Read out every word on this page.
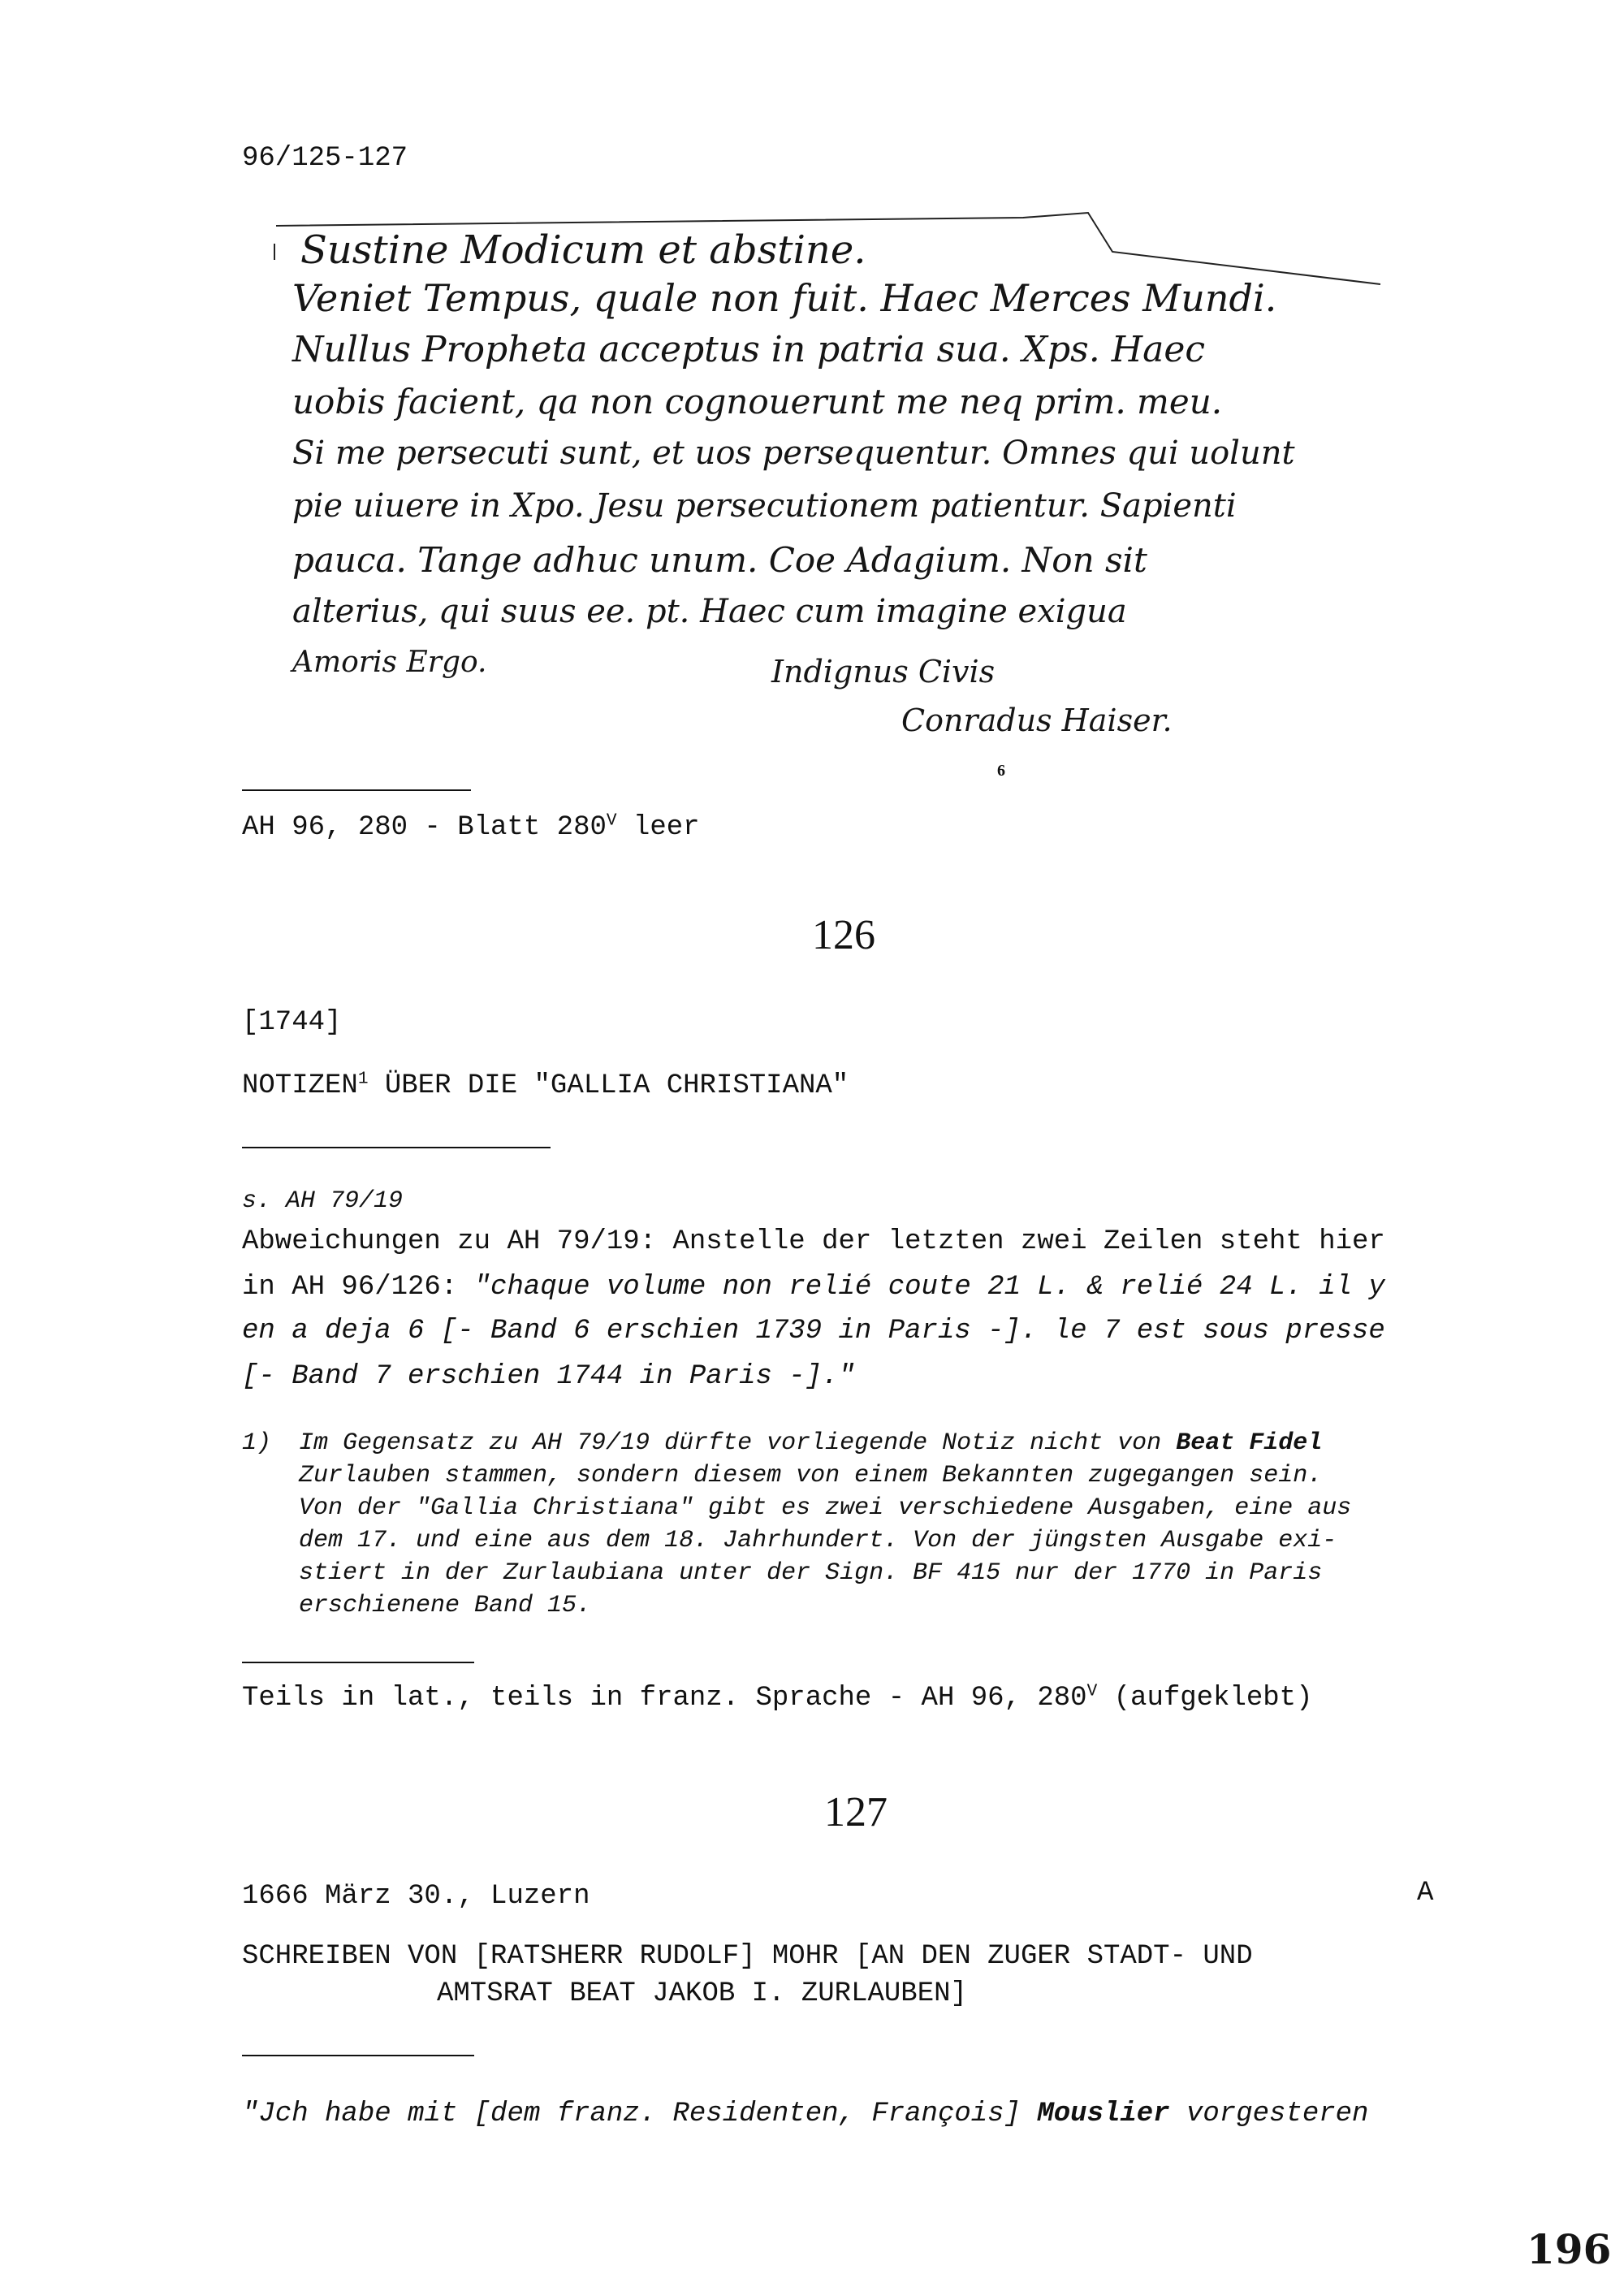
96/125-127
Sustine Modicum et abstine.
Veniet Tempus, quale non fuit. Haec Merces Mundi.
Nullus Propheta acceptus in patria sua. Xps. Haec
uobis facient, qa non cognouerunt me neq prim. meu.
Si me persecuti sunt, et uos persequentur. Omnes qui uolunt
pie uiuere in Xpo. Jesu persecutionem patientur. Sapienti
pauca. Tange adhuc unum. Coe Adagium. Non sit
alterius, qui suus ee. pt. Haec cum imagine exigua
Amoris Ergo.	Indignus Civis
Conradus Haiser.
6
AH 96, 280 - Blatt $280^V$ leer
126
[1744]
NOTIZEN$^1$ ÜBER DIE "GALLIA CHRISTIANA"
s. AH 79/19
Abweichungen zu AH 79/19: Anstelle der letzten zwei Zeilen steht hier
in AH 96/126: "chaque volume non relié coute 21 L. & relié 24 L. il y
en a deja 6 [- Band 6 erschien 1739 in Paris -]. le 7 est sous presse
[- Band 7 erschien 1744 in Paris -]."
1) Im Gegensatz zu AH 79/19 dürfte vorliegende Notiz nicht von Beat Fidel
Zurlauben stammen, sondern diesem von einem Bekannten zugegangen sein.
Von der "Gallia Christiana" gibt es zwei verschiedene Ausgaben, eine aus
dem 17. und eine aus dem 18. Jahrhundert. Von der jüngsten Ausgabe exi-
stiert in der Zurlaubiana unter der Sign. BF 415 nur der 1770 in Paris
erschienene Band 15.
Teils in lat., teils in franz. Sprache - AH 96, $280^V$ (aufgeklebt)
127
1666 März 30., Luzern	A
SCHREIBEN VON [RATSHERR RUDOLF] MOHR [AN DEN ZUGER STADT- UND
AMTSRAT BEAT JAKOB I. ZURLAUBEN]
"Jch habe mit [dem franz. Residenten, François] Mouslier vorgesteren
196
